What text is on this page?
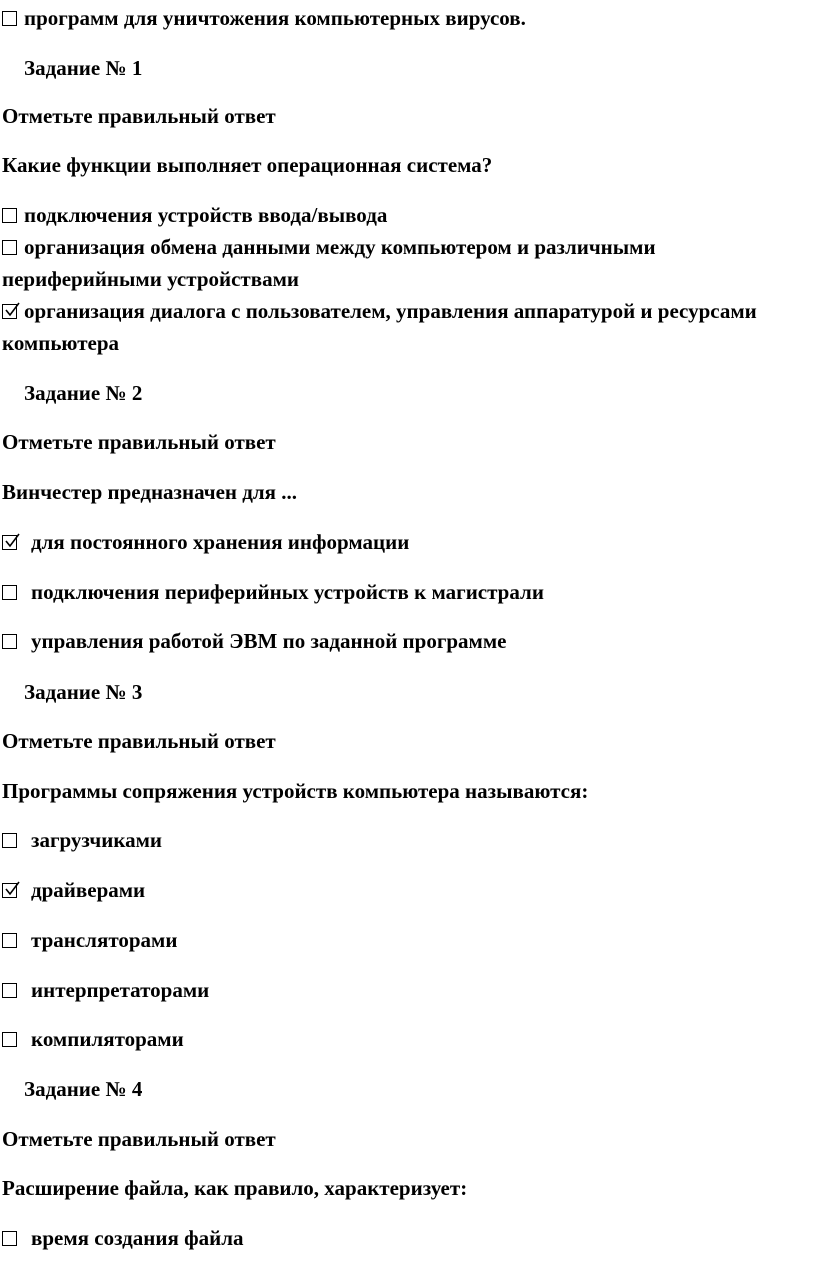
программ для уничтожения компьютерных вирусов.
Задание № 1
Отметьте правильный ответ
Какие функции выполняет операционная система?
подключения устройств ввода/вывода
организация обмена данными между компьютером и различными периферийными устройствами
организация диалога с пользователем, управления аппаратурой и ресурсами компьютера
Задание № 2
Отметьте правильный ответ
Винчестер предназначен для ...
для постоянного хранения информации
подключения периферийных устройств к магистрали
управления работой ЭВМ по заданной программе
Задание № 3
Отметьте правильный ответ
Программы сопряжения устройств компьютера называются:
загрузчиками
драйверами
трансляторами
интерпретаторами
компиляторами
Задание № 4
Отметьте правильный ответ
Расширение файла, как правило, характеризует:
время создания файла
